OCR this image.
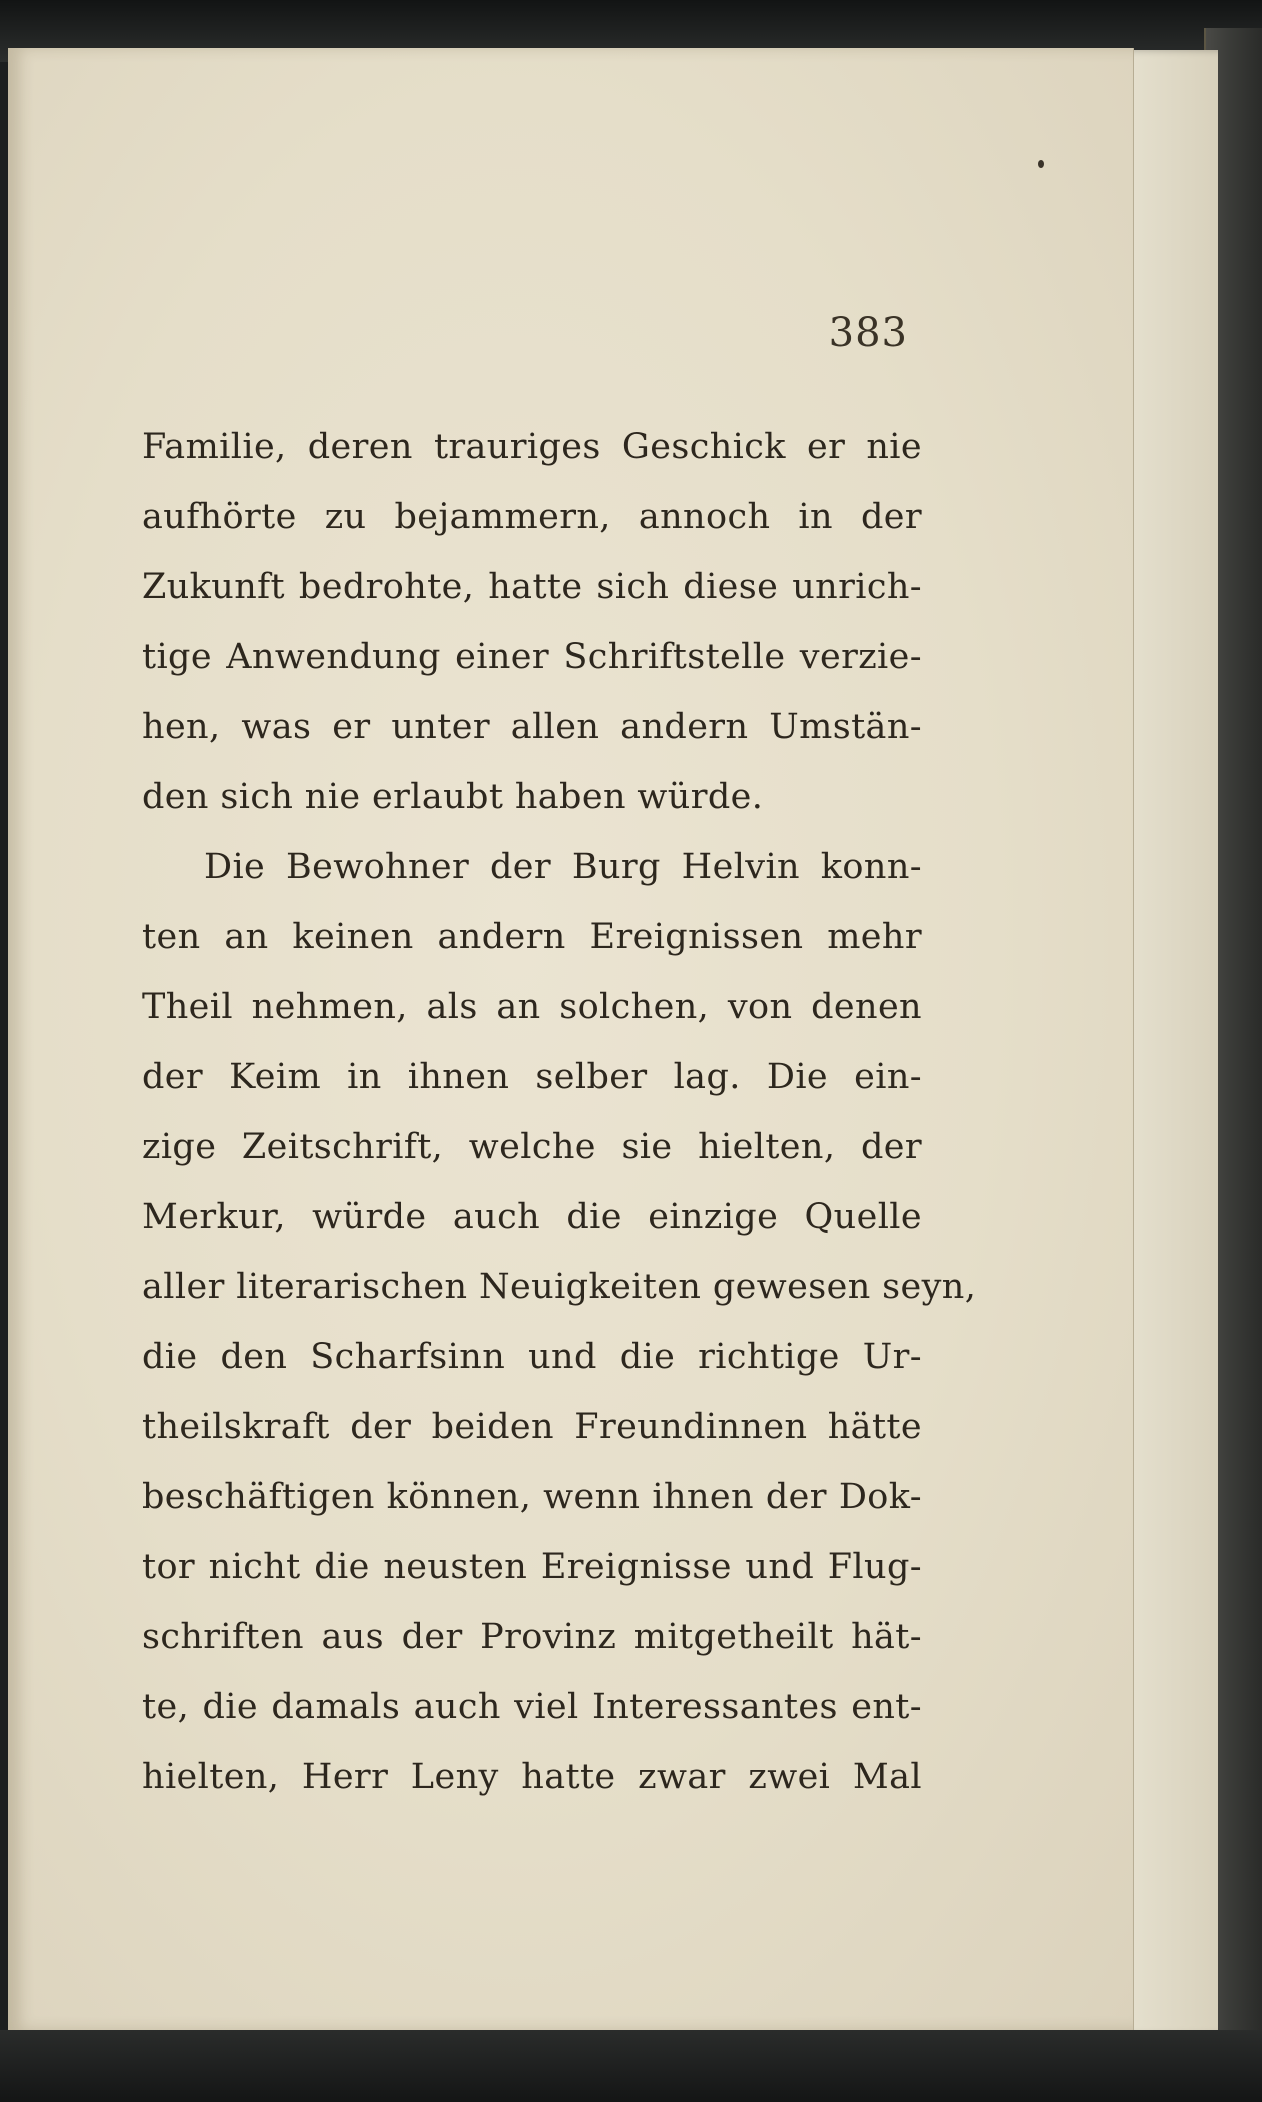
383
Familie, deren trauriges Geschick er nie
aufhörte zu bejammern, annoch in der
Zukunft bedrohte, hatte sich diese unrich-
tige Anwendung einer Schriftstelle verzie-
hen, was er unter allen andern Umstän-
den sich nie erlaubt haben würde.
Die Bewohner der Burg Helvin konn-
ten an keinen andern Ereignissen mehr
Theil nehmen, als an solchen, von denen
der Keim in ihnen selber lag. Die ein-
zige Zeitschrift, welche sie hielten, der
Merkur, würde auch die einzige Quelle
aller literarischen Neuigkeiten gewesen seyn,
die den Scharfsinn und die richtige Ur-
theilskraft der beiden Freundinnen hätte
beschäftigen können, wenn ihnen der Dok-
tor nicht die neusten Ereignisse und Flug-
schriften aus der Provinz mitgetheilt hät-
te, die damals auch viel Interessantes ent-
hielten, Herr Leny hatte zwar zwei Mal
